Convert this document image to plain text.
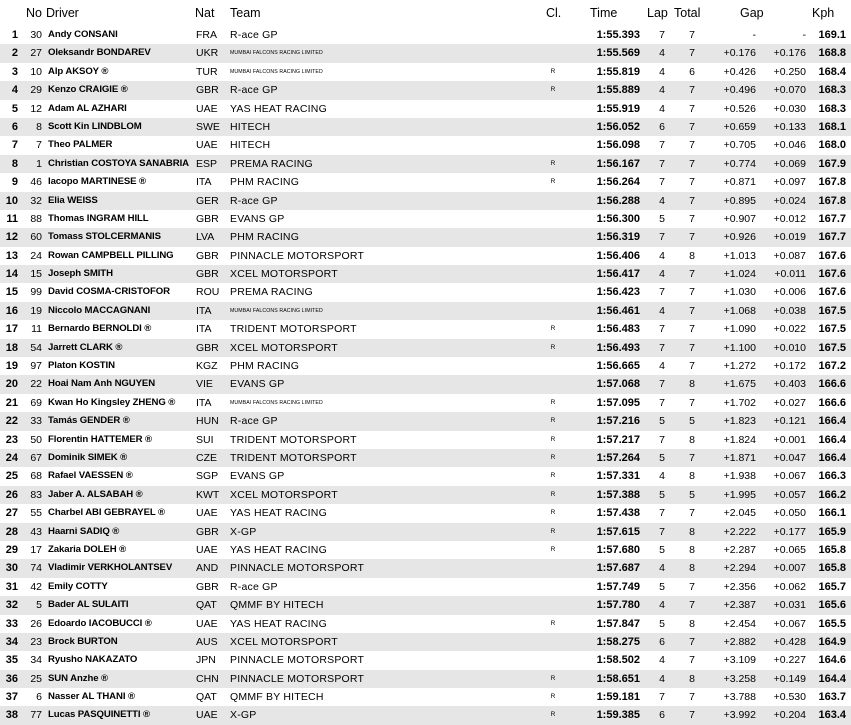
No Driver	Nat	Team	Cl.	Time	Lap Total	Gap	Kph
1	30 Andy CONSANI	FRA	R-ace GP	1:55.393	7	7	-	-	169.1
2	27 Oleksandr BONDAREV	UKR	MUMBAI FALCONS RACING LIMITED	1:55.569	4	7	+0.176	+0.176	168.8
3	10 Alp AKSOY ®	TUR	MUMBAI FALCONS RACING LIMITED	R	1:55.819	4	6	+0.426	+0.250	168.4
4	29 Kenzo CRAIGIE ®	GBR	R-ace GP	R	1:55.889	4	7	+0.496	+0.070	168.3
5	12 Adam AL AZHARI	UAE	YAS HEAT RACING	1:55.919	4	7	+0.526	+0.030	168.3
6	8 Scott Kin LINDBLOM	SWE HITECH	1:56.052	6	7	+0.659	+0.133	168.1
7	7 Theo PALMER	UAE	HITECH	1:56.098	7	7	+0.705	+0.046	168.0
8	1 Christian COSTOYA SANABRIA ESP	PREMA RACING	R	1:56.167	7	7	+0.774	+0.069	167.9
9	46 Iacopo MARTINESE ®	ITA	PHM RACING	R	1:56.264	7	7	+0.871	+0.097	167.8
10	32 Elia WEISS	GER	R-ace GP	1:56.288	4	7	+0.895	+0.024	167.8
11	88 Thomas INGRAM HILL	GBR	EVANS GP	1:56.300	5	7	+0.907	+0.012	167.7
12	60 Tomass STOLCERMANIS	LVA	PHM RACING	1:56.319	7	7	+0.926	+0.019	167.7
13	24 Rowan CAMPBELL PILLING	GBR	PINNACLE MOTORSPORT	1:56.406	4	8	+1.013	+0.087	167.6
14	15 Joseph SMITH	GBR	XCEL MOTORSPORT	1:56.417	4	7	+1.024	+0.011	167.6
15	99 David COSMA-CRISTOFOR	ROU	PREMA RACING	1:56.423	7	7	+1.030	+0.006	167.6
16	19 Niccolo MACCAGNANI	ITA	MUMBAI FALCONS RACING LIMITED	1:56.461	4	7	+1.068	+0.038	167.5
17	11 Bernardo BERNOLDI ®	ITA	TRIDENT MOTORSPORT	R	1:56.483	7	7	+1.090	+0.022	167.5
18	54 Jarrett CLARK ®	GBR	XCEL MOTORSPORT	R	1:56.493	7	7	+1.100	+0.010	167.5
19	97 Platon KOSTIN	KGZ	PHM RACING	1:56.665	4	7	+1.272	+0.172	167.2
20	22 Hoai Nam Anh NGUYEN	VIE	EVANS GP	1:57.068	7	8	+1.675	+0.403	166.6
21	69 Kwan Ho Kingsley ZHENG ®	ITA	MUMBAI FALCONS RACING LIMITED	R	1:57.095	7	7	+1.702	+0.027	166.6
22	33 Tamás GENDER ®	HUN	R-ace GP	R	1:57.216	5	5	+1.823	+0.121	166.4
23	50 Florentin HATTEMER ®	SUI	TRIDENT MOTORSPORT	R	1:57.217	7	8	+1.824	+0.001	166.4
24	67 Dominik SIMEK ®	CZE	TRIDENT MOTORSPORT	R	1:57.264	5	7	+1.871	+0.047	166.4
25	68 Rafael VAESSEN ®	SGP	EVANS GP	R	1:57.331	4	8	+1.938	+0.067	166.3
26	83 Jaber A. ALSABAH ®	KWT	XCEL MOTORSPORT	R	1:57.388	5	5	+1.995	+0.057	166.2
27	55 Charbel ABI GEBRAYEL ®	UAE	YAS HEAT RACING	R	1:57.438	7	7	+2.045	+0.050	166.1
28	43 Haarni SADIQ ®	GBR	X-GP	R	1:57.615	7	8	+2.222	+0.177	165.9
29	17 Zakaria DOLEH ®	UAE	YAS HEAT RACING	R	1:57.680	5	8	+2.287	+0.065	165.8
30	74 Vladimir VERKHOLANTSEV	AND	PINNACLE MOTORSPORT	1:57.687	4	8	+2.294	+0.007	165.8
31	42 Emily COTTY	GBR	R-ace GP	1:57.749	5	7	+2.356	+0.062	165.7
32	5 Bader AL SULAITI	QAT	QMMF BY HITECH	1:57.780	4	7	+2.387	+0.031	165.6
33	26 Edoardo IACOBUCCI ®	UAE	YAS HEAT RACING	R	1:57.847	5	8	+2.454	+0.067	165.5
34	23 Brock BURTON	AUS	XCEL MOTORSPORT	1:58.275	6	7	+2.882	+0.428	164.9
35	34 Ryusho NAKAZATO	JPN	PINNACLE MOTORSPORT	1:58.502	4	7	+3.109	+0.227	164.6
36	25 SUN Anzhe ®	CHN	PINNACLE MOTORSPORT	R	1:58.651	4	8	+3.258	+0.149	164.4
37	6 Nasser AL THANI ®	QAT	QMMF BY HITECH	R	1:59.181	7	7	+3.788	+0.530	163.7
38	77 Lucas PASQUINETTI ®	UAE	X-GP	R	1:59.385	6	7	+3.992	+0.204	163.4
